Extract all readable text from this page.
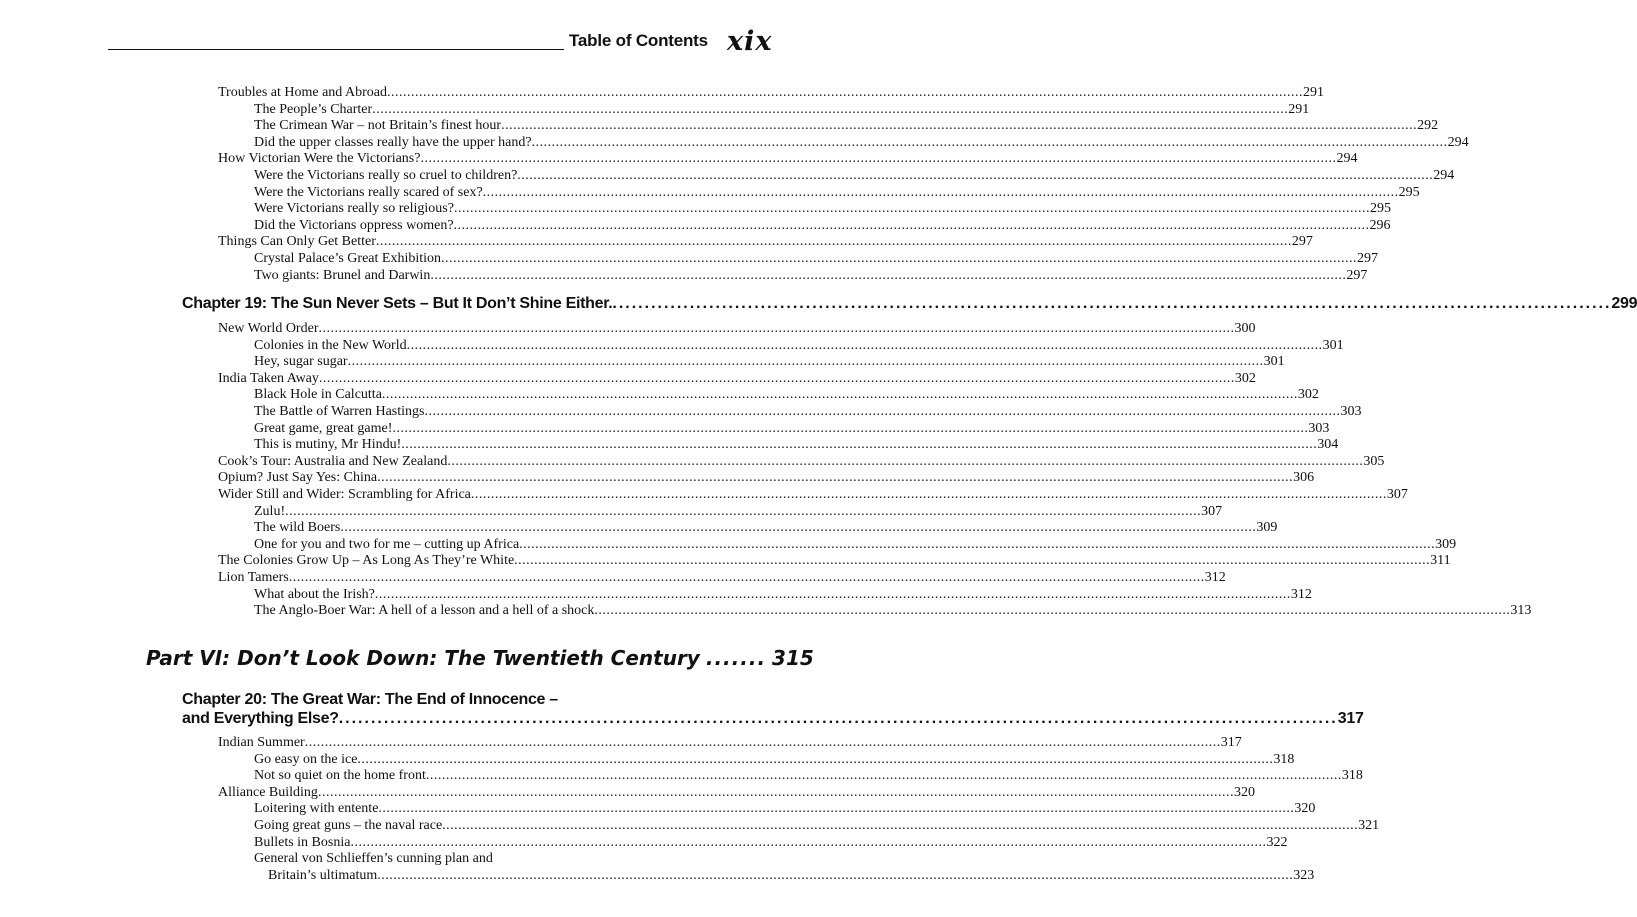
Table of Contents xix
Troubles at Home and Abroad .....	291
The People’s Charter .....	291
The Crimean War – not Britain’s finest hour .....	292
Did the upper classes really have the upper hand? .....	294
How Victorian Were the Victorians? .....	294
Were the Victorians really so cruel to children? .....	294
Were the Victorians really scared of sex? .....	295
Were Victorians really so religious? .....	295
Did the Victorians oppress women? .....	296
Things Can Only Get Better .....	297
Crystal Palace’s Great Exhibition .....	297
Two giants: Brunel and Darwin .....	297
Chapter 19: The Sun Never Sets – But It Don’t Shine Either. .....	299
New World Order .....	300
Colonies in the New World .....	301
Hey, sugar sugar .....	301
India Taken Away .....	302
Black Hole in Calcutta .....	302
The Battle of Warren Hastings .....	303
Great game, great game! .....	303
This is mutiny, Mr Hindu! .....	304
Cook’s Tour: Australia and New Zealand .....	305
Opium? Just Say Yes: China .....	306
Wider Still and Wider: Scrambling for Africa .....	307
Zulu! .....	307
The wild Boers .....	309
One for you and two for me – cutting up Africa .....	309
The Colonies Grow Up – As Long As They’re White .....	311
Lion Tamers .....	312
What about the Irish? .....	312
The Anglo-Boer War: A hell of a lesson and a hell of a shock .....	313
Part VI: Don’t Look Down: The Twentieth Century ....... 315
Chapter 20: The Great War: The End of Innocence –
and Everything Else? .....	317
Indian Summer .....	317
Go easy on the ice .....	318
Not so quiet on the home front .....	318
Alliance Building .....	320
Loitering with entente .....	320
Going great guns – the naval race .....	321
Bullets in Bosnia .....	322
General von Schlieffen’s cunning plan and
Britain’s ultimatum .....	323
